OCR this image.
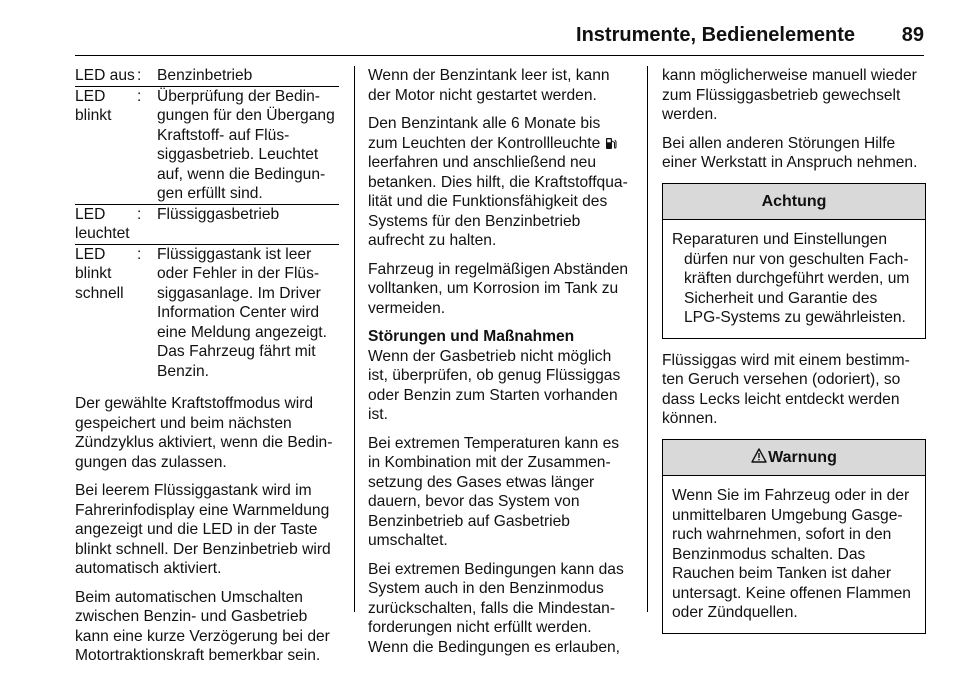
Instrumente, Bedienelemente 89
LED aus	:	Benzinbetrieb
LED blinkt	:	Überprüfung der Bedingungen für den Übergang Kraftstoff- auf Flüssiggasbetrieb. Leuchtet auf, wenn die Bedingungen erfüllt sind.
LED leuchtet	:	Flüssiggasbetrieb
LED blinkt schnell	:	Flüssiggastank ist leer oder Fehler in der Flüssiggasanlage. Im Driver Information Center wird eine Meldung angezeigt. Das Fahrzeug fährt mit Benzin.

Der gewählte Kraftstoffmodus wird gespeichert und beim nächsten Zündzyklus aktiviert, wenn die Bedingungen das zulassen.

Bei leerem Flüssiggastank wird im Fahrerinfodisplay eine Warnmeldung angezeigt und die LED in der Taste blinkt schnell. Der Benzinbetrieb wird automatisch aktiviert.

Beim automatischen Umschalten zwischen Benzin- und Gasbetrieb kann eine kurze Verzögerung bei der Motortraktionskraft bemerkbar sein.

Wenn der Benzintank leer ist, kann der Motor nicht gestartet werden.

Den Benzintank alle 6 Monate bis zum Leuchten der Kontrollleuchte  leerfahren und anschließend neu betanken. Dies hilft, die Kraftstoffqualität und die Funktionsfähigkeit des Systems für den Benzinbetrieb aufrecht zu halten.

Fahrzeug in regelmäßigen Abständen volltanken, um Korrosion im Tank zu vermeiden.

Störungen und Maßnahmen

Wenn der Gasbetrieb nicht möglich ist, überprüfen, ob genug Flüssiggas oder Benzin zum Starten vorhanden ist.

Bei extremen Temperaturen kann es in Kombination mit der Zusammensetzung des Gases etwas länger dauern, bevor das System von Benzinbetrieb auf Gasbetrieb umschaltet.

Bei extremen Bedingungen kann das System auch in den Benzinmodus zurückschalten, falls die Mindestanforderungen nicht erfüllt werden. Wenn die Bedingungen es erlauben,

kann möglicherweise manuell wieder zum Flüssiggasbetrieb gewechselt werden.

Bei allen anderen Störungen Hilfe einer Werkstatt in Anspruch nehmen.

Achtung

Reparaturen und Einstellungen dürfen nur von geschulten Fachkräften durchgeführt werden, um Sicherheit und Garantie des LPG-Systems zu gewährleisten.

Flüssiggas wird mit einem bestimmten Geruch versehen (odoriert), so dass Lecks leicht entdeckt werden können.

Warnung

Wenn Sie im Fahrzeug oder in der unmittelbaren Umgebung Gasgeruch wahrnehmen, sofort in den Benzinmodus schalten. Das Rauchen beim Tanken ist daher untersagt. Keine offenen Flammen oder Zündquellen.
